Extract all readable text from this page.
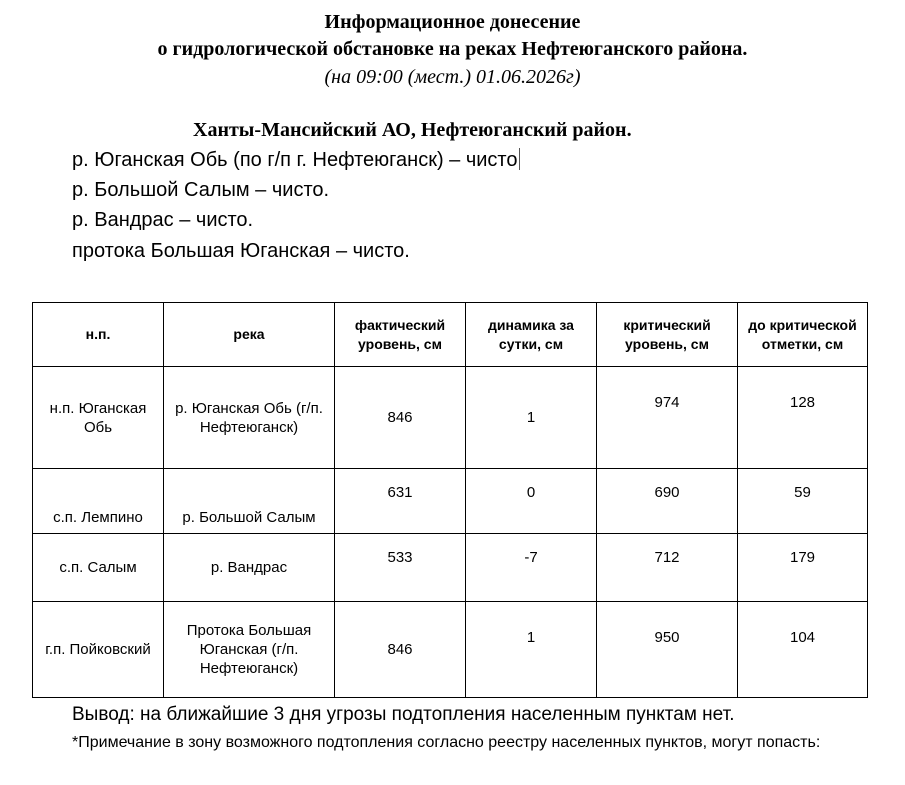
Информационное донесение
о гидрологической обстановке на реках Нефтеюганского района.
(на 09:00 (мест.) 01.06.2026г)
Ханты-Мансийский АО, Нефтеюганский район.
р. Юганская Обь (по г/п г. Нефтеюганск) – чисто
р. Большой Салым – чисто.
р. Вандрас – чисто.
протока Большая Юганская – чисто.
н.п.	река	фактический уровень, см	динамика за сутки, см	критический уровень, см	до критической отметки, см
н.п. Юганская Обь	р. Юганская Обь (г/п. Нефтеюганск)	846	1	974	128
с.п. Лемпино	р. Большой Салым	631	0	690	59
с.п. Салым	р. Вандрас	533	-7	712	179
г.п. Пойковский	Протока Большая Юганская (г/п. Нефтеюганск)	846	1	950	104
Вывод: на ближайшие 3 дня угрозы подтопления населенным пунктам нет.
*Примечание в зону возможного подтопления согласно реестру населенных пунктов, могут попасть:
